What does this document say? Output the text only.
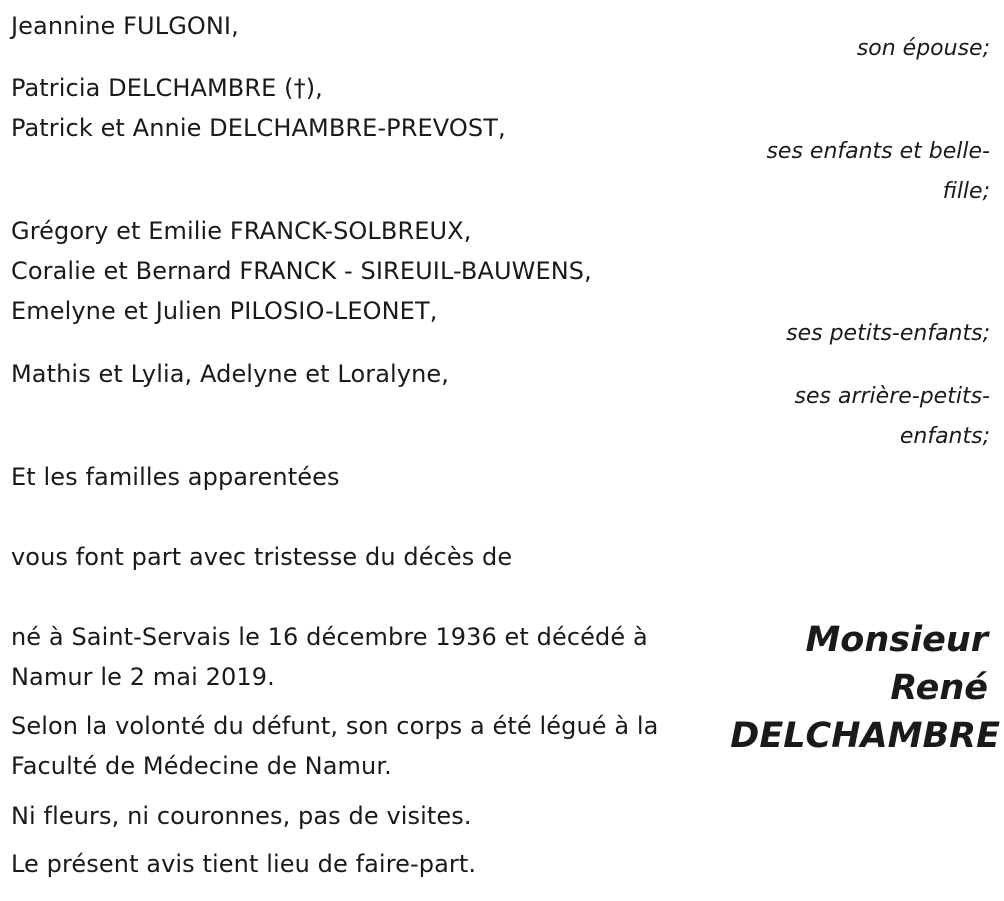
Jeannine FULGONI,
son épouse;
Patricia DELCHAMBRE (†),
Patrick et Annie DELCHAMBRE-PREVOST,
ses enfants et belle-
fille;
Grégory et Emilie FRANCK-SOLBREUX,
Coralie et Bernard FRANCK - SIREUIL-BAUWENS,
Emelyne et Julien PILOSIO-LEONET,
ses petits-enfants;
Mathis et Lylia, Adelyne et Loralyne,
ses arrière-petits-
enfants;
Et les familles apparentées
vous font part avec tristesse du décès de
né à Saint-Servais le 16 décembre 1936 et décédé à
Namur le 2 mai 2019.
Selon la volonté du défunt, son corps a été légué à la
Faculté de Médecine de Namur.
Ni fleurs, ni couronnes, pas de visites.
Le présent avis tient lieu de faire-part.
Monsieur
René
DELCHAMBRE
